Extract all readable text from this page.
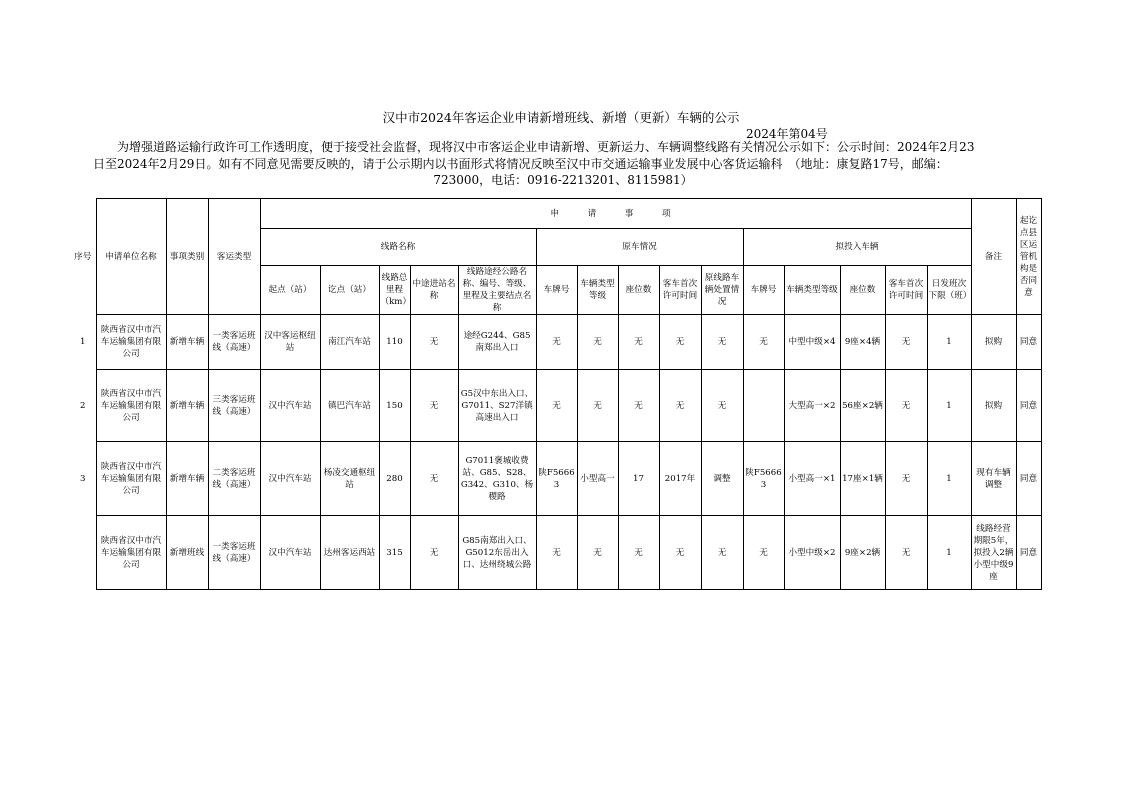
汉中市2024年客运企业申请新增班线、新增（更新）车辆的公示
2024年第04号

为增强道路运输行政许可工作透明度，便于接受社会监督，现将汉中市客运企业申请新增、更新运力、车辆调整线路有关情况公示如下：公示时间：2024年2月23

日至2024年2月29日。如有不同意见需要反映的，请于公示期内以书面形式将情况反映至汉中市交通运输事业发展中心客货运输科　（地址：康复路17号，邮编：

723000，电话：0916-2213201、8115981）

序号	申请单位名称	事项类别	客运类型	申　请　事　项															备注	起讫点县区运管机构是否同意
				线路名称					原车情况					拟投入车辆						
				起点（站）	讫点（站）	线路总里程（km）	中途进站名称	线路途经公路名称、编号、等级、里程及主要结点名称	车牌号	车辆类型等级	座位数	客车首次许可时间	原线路车辆处置情况	车牌号	车辆类型等级	座位数	客车首次许可时间	日发班次下限（班）		
1	陕西省汉中市汽车运输集团有限公司	新增车辆	一类客运班线（高速）	汉中客运枢纽站	南江汽车站	110	无	途经G244、G85南郑出入口	无	无	无	无	无	无	中型中级×4	9座×4辆	无	1	拟购	同意
2	陕西省汉中市汽车运输集团有限公司	新增车辆	三类客运班线（高速）	汉中汽车站	镇巴汽车站	150	无	G5汉中东出入口、G7011、S27洋镇高速出入口	无	无	无	无	无		大型高一×2	56座×2辆	无	1	拟购	同意
3	陕西省汉中市汽车运输集团有限公司	新增车辆	二类客运班线（高速）	汉中汽车站	杨凌交通枢纽站	280	无	G7011褒城收费站、G85、S28、G342、G310、杨稷路	陕F56663	小型高一	17	2017年	调整	陕F56663	小型高一×1	17座×1辆	无	1	现有车辆调整	同意
	陕西省汉中市汽车运输集团有限公司	新增班线	一类客运班线（高速）	汉中汽车站	达州客运西站	315	无	G85南郑出入口、G5012东岳出入口、达州绕城公路	无	无	无	无	无	无	小型中级×2	9座×2辆	无	1	线路经营期限5年，拟投入2辆小型中级9座	同意
